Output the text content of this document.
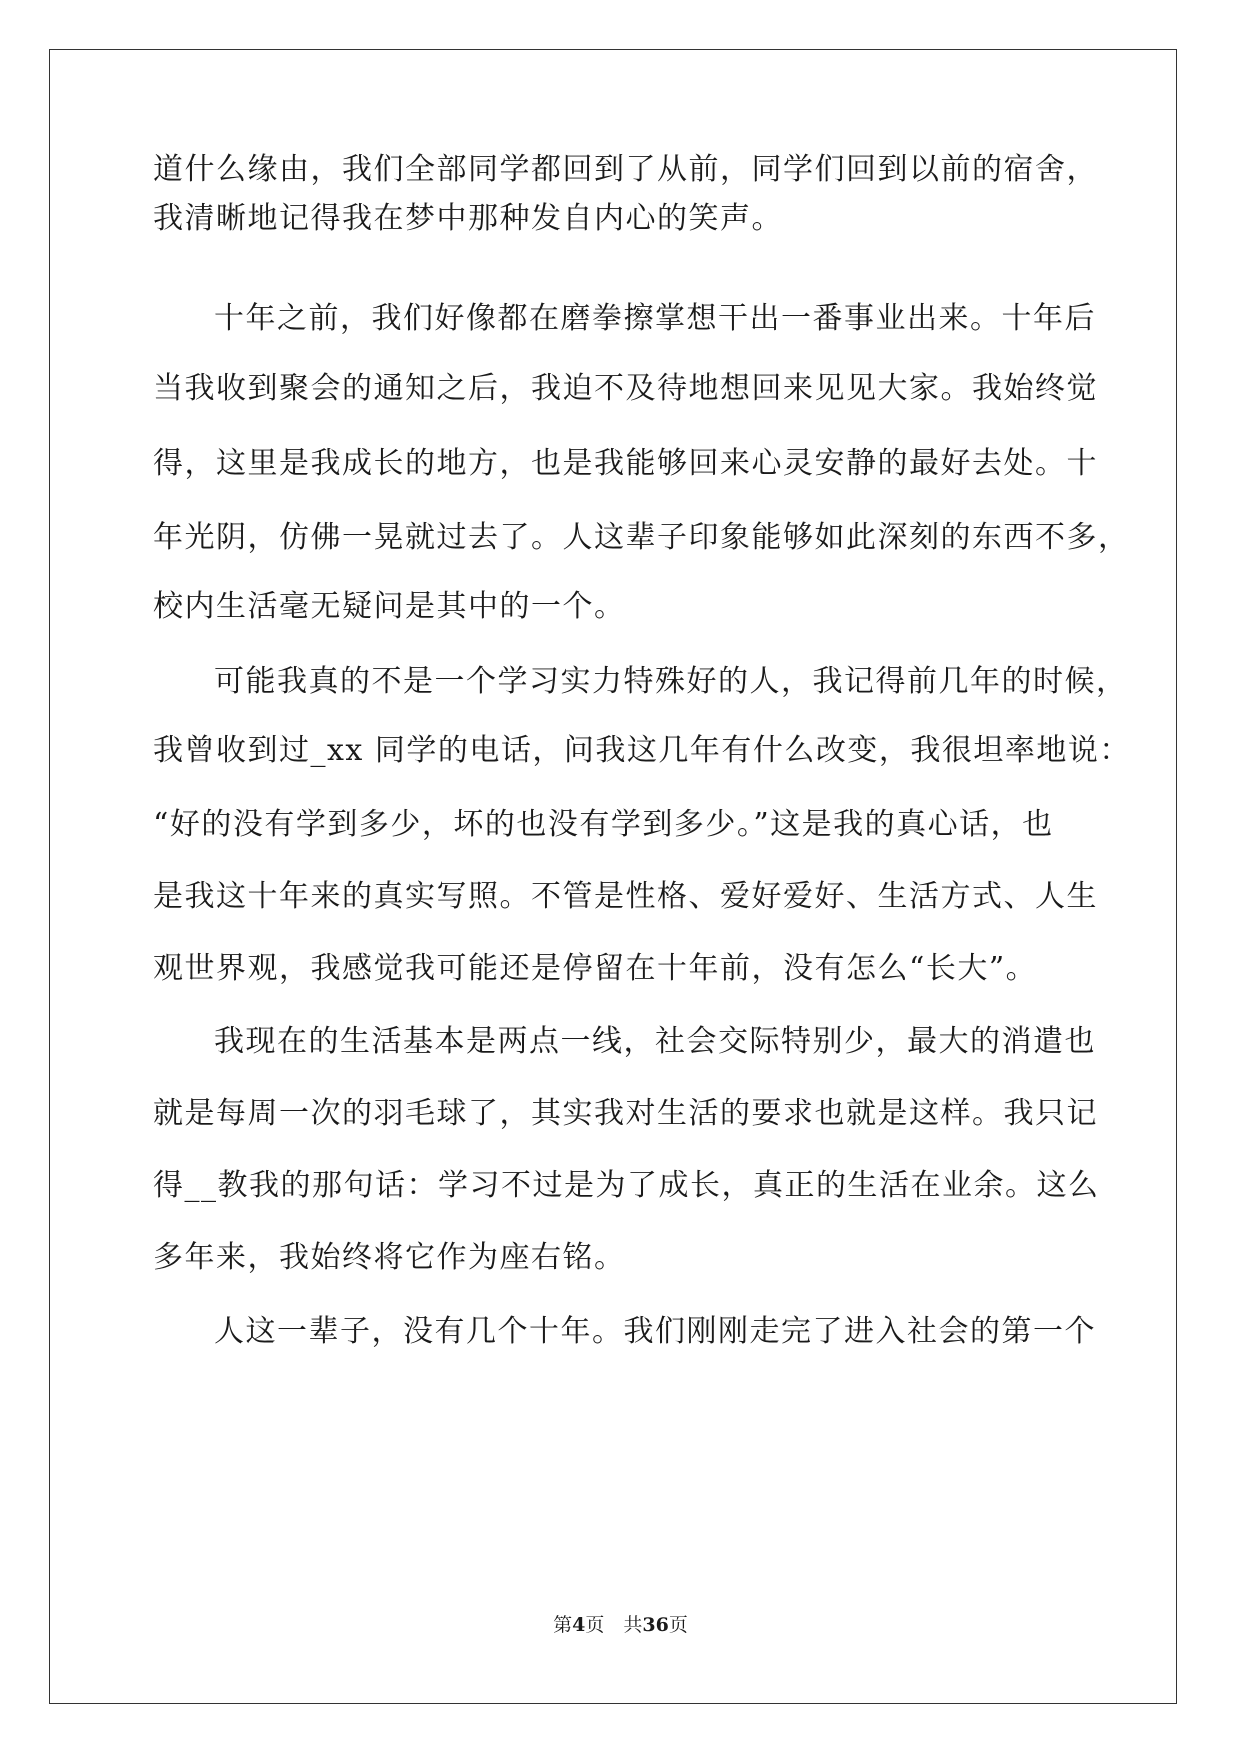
道什么缘由，我们全部同学都回到了从前，同学们回到以前的宿舍，
我清晰地记得我在梦中那种发自内心的笑声。
十年之前，我们好像都在磨拳擦掌想干出一番事业出来。十年后
当我收到聚会的通知之后，我迫不及待地想回来见见大家。我始终觉
得，这里是我成长的地方，也是我能够回来心灵安静的最好去处。十
年光阴，仿佛一晃就过去了。人这辈子印象能够如此深刻的东西不多，
校内生活毫无疑问是其中的一个。
可能我真的不是一个学习实力特殊好的人，我记得前几年的时候，
我曾收到过_xx 同学的电话，问我这几年有什么改变，我很坦率地说：
“好的没有学到多少，坏的也没有学到多少。”这是我的真心话，也
是我这十年来的真实写照。不管是性格、爱好爱好、生活方式、人生
观世界观，我感觉我可能还是停留在十年前，没有怎么“长大”。
我现在的生活基本是两点一线，社会交际特别少，最大的消遣也
就是每周一次的羽毛球了，其实我对生活的要求也就是这样。我只记
得__教我的那句话：学习不过是为了成长，真正的生活在业余。这么
多年来，我始终将它作为座右铭。
人这一辈子，没有几个十年。我们刚刚走完了进入社会的第一个
第4页　共36页
